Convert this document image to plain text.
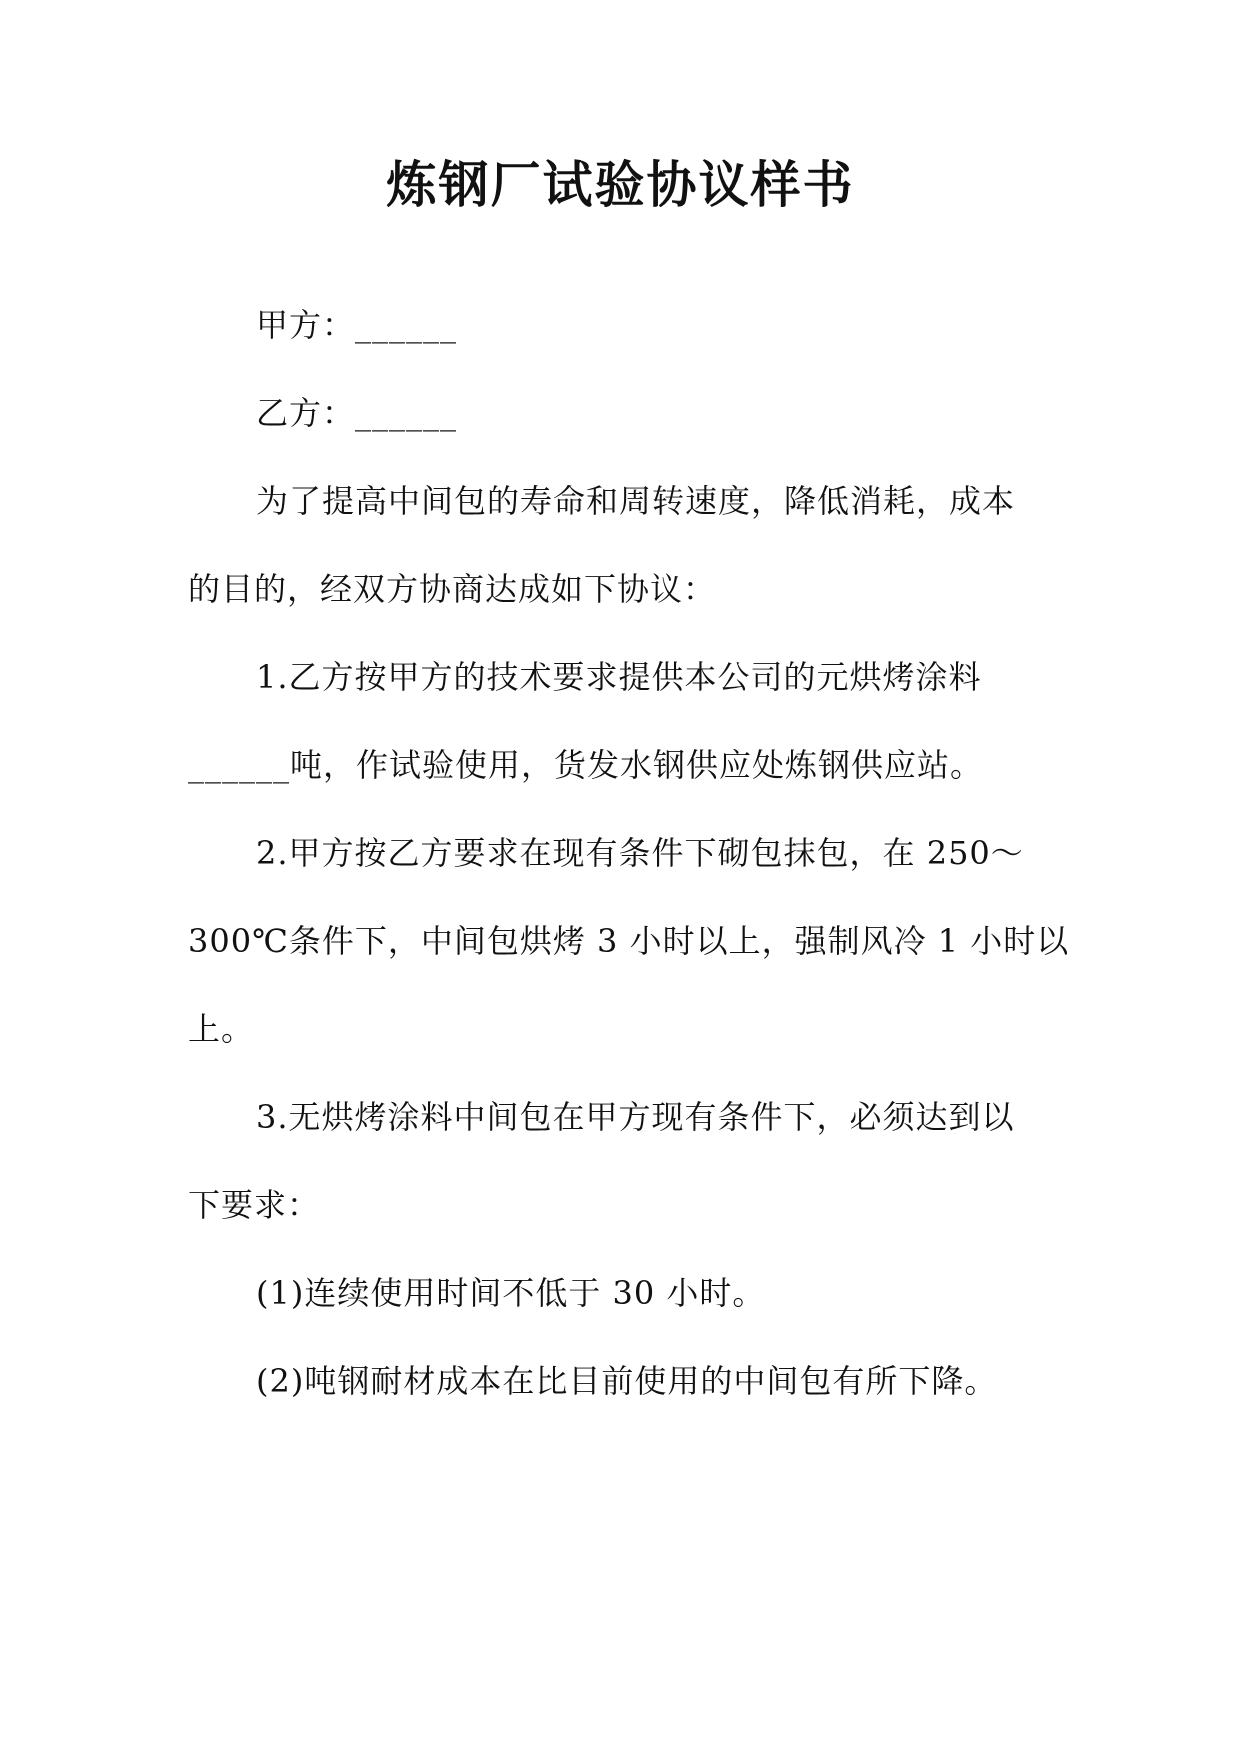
炼钢厂试验协议样书
甲方：______
乙方：______
为了提高中间包的寿命和周转速度，降低消耗，成本
的目的，经双方协商达成如下协议：
1.乙方按甲方的技术要求提供本公司的元烘烤涂料
______吨，作试验使用，货发水钢供应处炼钢供应站。
2.甲方按乙方要求在现有条件下砌包抹包，在 250～
300℃条件下，中间包烘烤 3 小时以上，强制风冷 1 小时以
上。
3.无烘烤涂料中间包在甲方现有条件下，必须达到以
下要求：
(1)连续使用时间不低于 30 小时。
(2)吨钢耐材成本在比目前使用的中间包有所下降。
